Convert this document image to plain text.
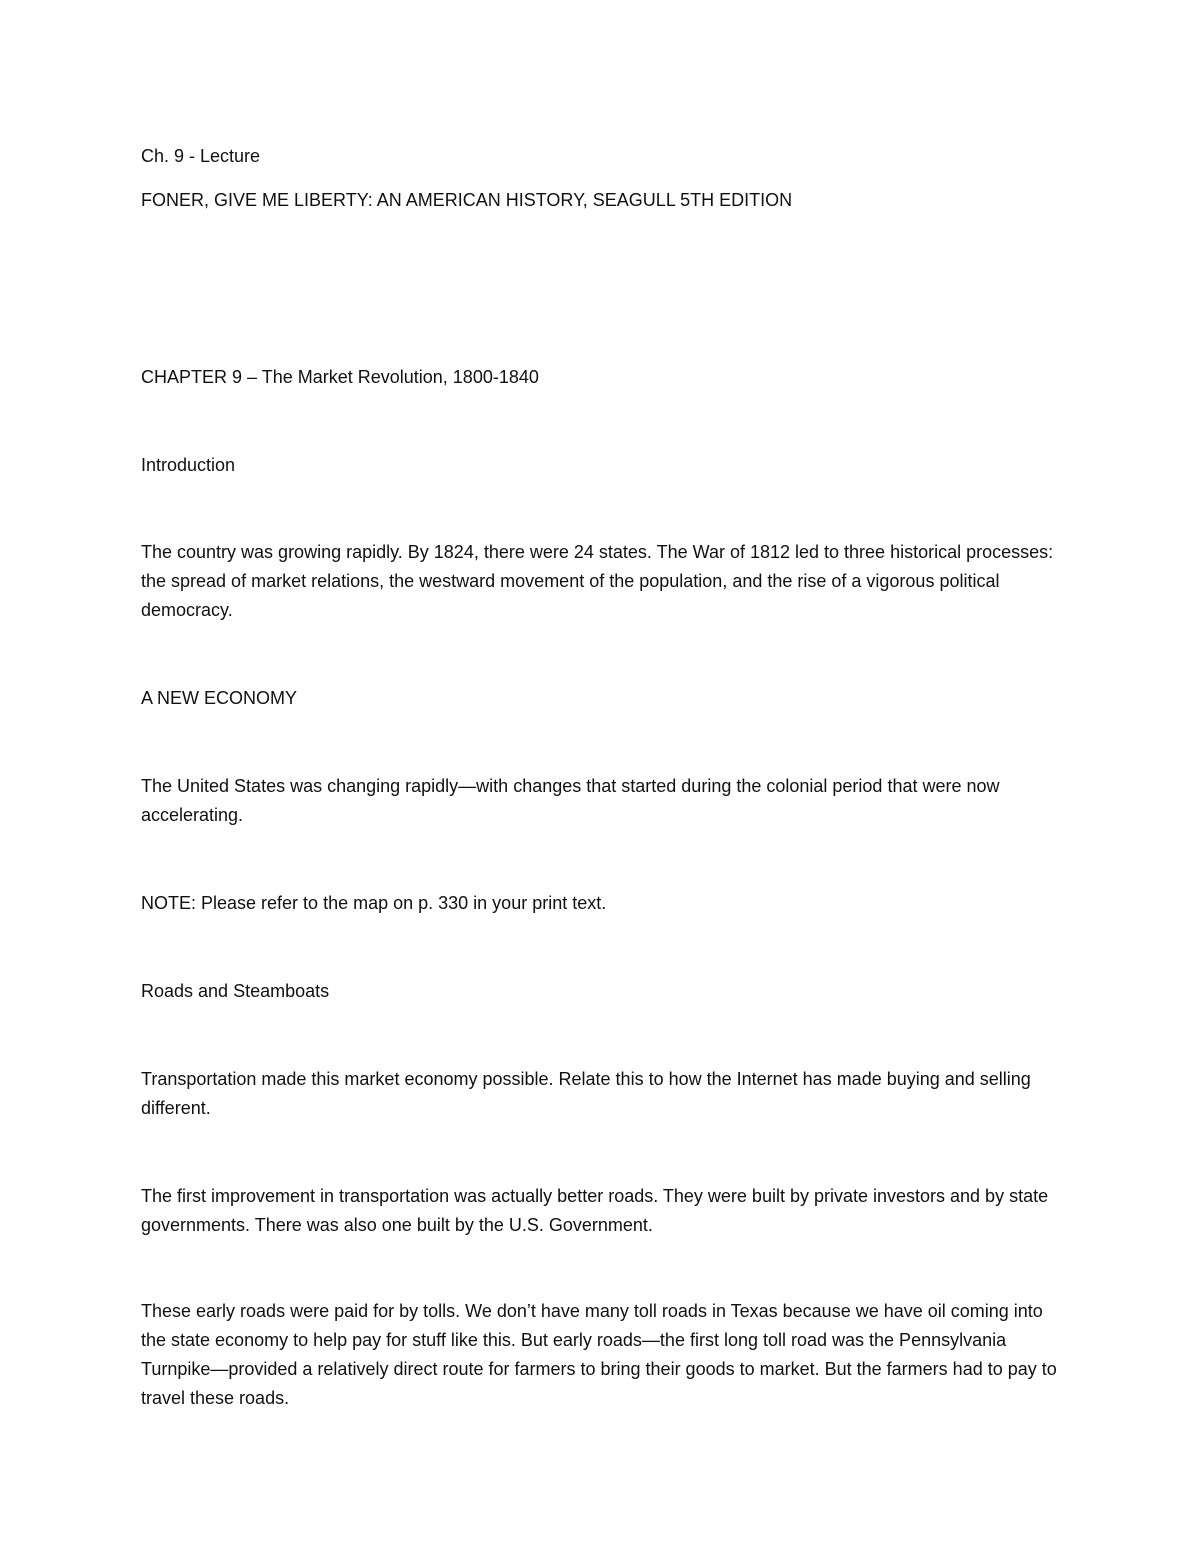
Ch. 9 - Lecture

FONER, GIVE ME LIBERTY: AN AMERICAN HISTORY, SEAGULL 5TH EDITION

CHAPTER 9 – The Market Revolution, 1800-1840

Introduction

The country was growing rapidly. By 1824, there were 24 states. The War of 1812 led to three historical processes: the spread of market relations, the westward movement of the population, and the rise of a vigorous political democracy.

A NEW ECONOMY

The United States was changing rapidly—with changes that started during the colonial period that were now accelerating.

NOTE: Please refer to the map on p. 330 in your print text.

Roads and Steamboats

Transportation made this market economy possible. Relate this to how the Internet has made buying and selling different.

The first improvement in transportation was actually better roads. They were built by private investors and by state governments. There was also one built by the U.S. Government.

These early roads were paid for by tolls. We don’t have many toll roads in Texas because we have oil coming into the state economy to help pay for stuff like this. But early roads—the first long toll road was the Pennsylvania Turnpike—provided a relatively direct route for farmers to bring their goods to market. But the farmers had to pay to travel these roads.
